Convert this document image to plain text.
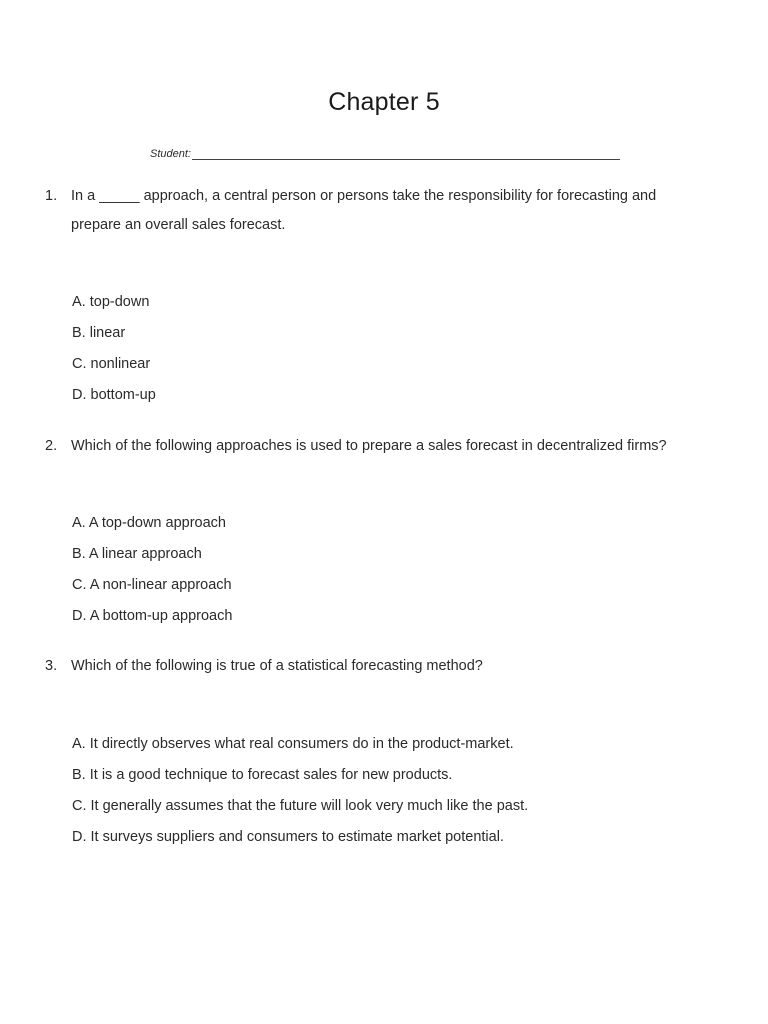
Chapter 5
Student:
1. In a _____ approach, a central person or persons take the responsibility for forecasting and prepare an overall sales forecast.
A. top-down
B. linear
C. nonlinear
D. bottom-up
2. Which of the following approaches is used to prepare a sales forecast in decentralized firms?
A. A top-down approach
B. A linear approach
C. A non-linear approach
D. A bottom-up approach
3. Which of the following is true of a statistical forecasting method?
A. It directly observes what real consumers do in the product-market.
B. It is a good technique to forecast sales for new products.
C. It generally assumes that the future will look very much like the past.
D. It surveys suppliers and consumers to estimate market potential.
